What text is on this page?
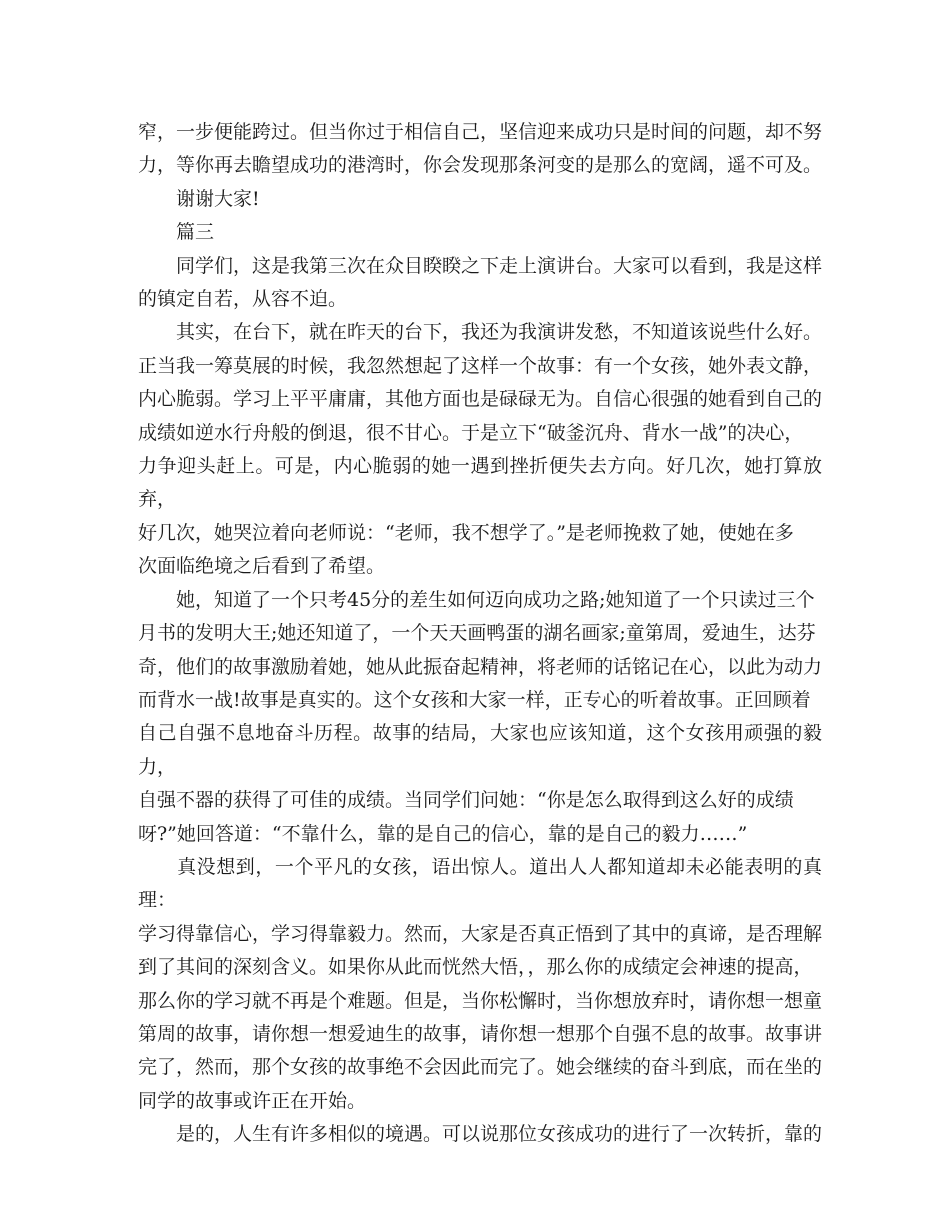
窄，一步便能跨过。但当你过于相信自己，坚信迎来成功只是时间的问题，却不努
力，等你再去瞻望成功的港湾时，你会发现那条河变的是那么的宽阔，遥不可及。

　　谢谢大家!

　　篇三

　　同学们，这是我第三次在众目睽睽之下走上演讲台。大家可以看到，我是这样
的镇定自若，从容不迫。

　　其实，在台下，就在昨天的台下，我还为我演讲发愁，不知道该说些什么好。
正当我一筹莫展的时候，我忽然想起了这样一个故事：有一个女孩，她外表文静，
内心脆弱。学习上平平庸庸，其他方面也是碌碌无为。自信心很强的她看到自己的
成绩如逆水行舟般的倒退，很不甘心。于是立下“破釜沉舟、背水一战”的决心，
力争迎头赶上。可是，内心脆弱的她一遇到挫折便失去方向。好几次，她打算放弃，
好几次，她哭泣着向老师说：“老师，我不想学了。”是老师挽救了她，使她在多
次面临绝境之后看到了希望。

　　她，知道了一个只考45分的差生如何迈向成功之路;她知道了一个只读过三个
月书的发明大王;她还知道了，一个天天画鸭蛋的湖名画家;童第周，爱迪生，达芬
奇，他们的故事激励着她，她从此振奋起精神，将老师的话铭记在心，以此为动力
而背水一战!故事是真实的。这个女孩和大家一样，正专心的听着故事。正回顾着
自己自强不息地奋斗历程。故事的结局，大家也应该知道，这个女孩用顽强的毅力，
自强不器的获得了可佳的成绩。当同学们问她：“你是怎么取得到这么好的成绩
呀?”她回答道：“不靠什么，靠的是自己的信心，靠的是自己的毅力……”

　　真没想到，一个平凡的女孩，语出惊人。道出人人都知道却未必能表明的真理：
学习得靠信心，学习得靠毅力。然而，大家是否真正悟到了其中的真谛，是否理解
到了其间的深刻含义。如果你从此而恍然大悟，，那么你的成绩定会神速的提高，
那么你的学习就不再是个难题。但是，当你松懈时，当你想放弃时，请你想一想童
第周的故事，请你想一想爱迪生的故事，请你想一想那个自强不息的故事。故事讲
完了，然而，那个女孩的故事绝不会因此而完了。她会继续的奋斗到底，而在坐的
同学的故事或许正在开始。

　　是的，人生有许多相似的境遇。可以说那位女孩成功的进行了一次转折，靠的
